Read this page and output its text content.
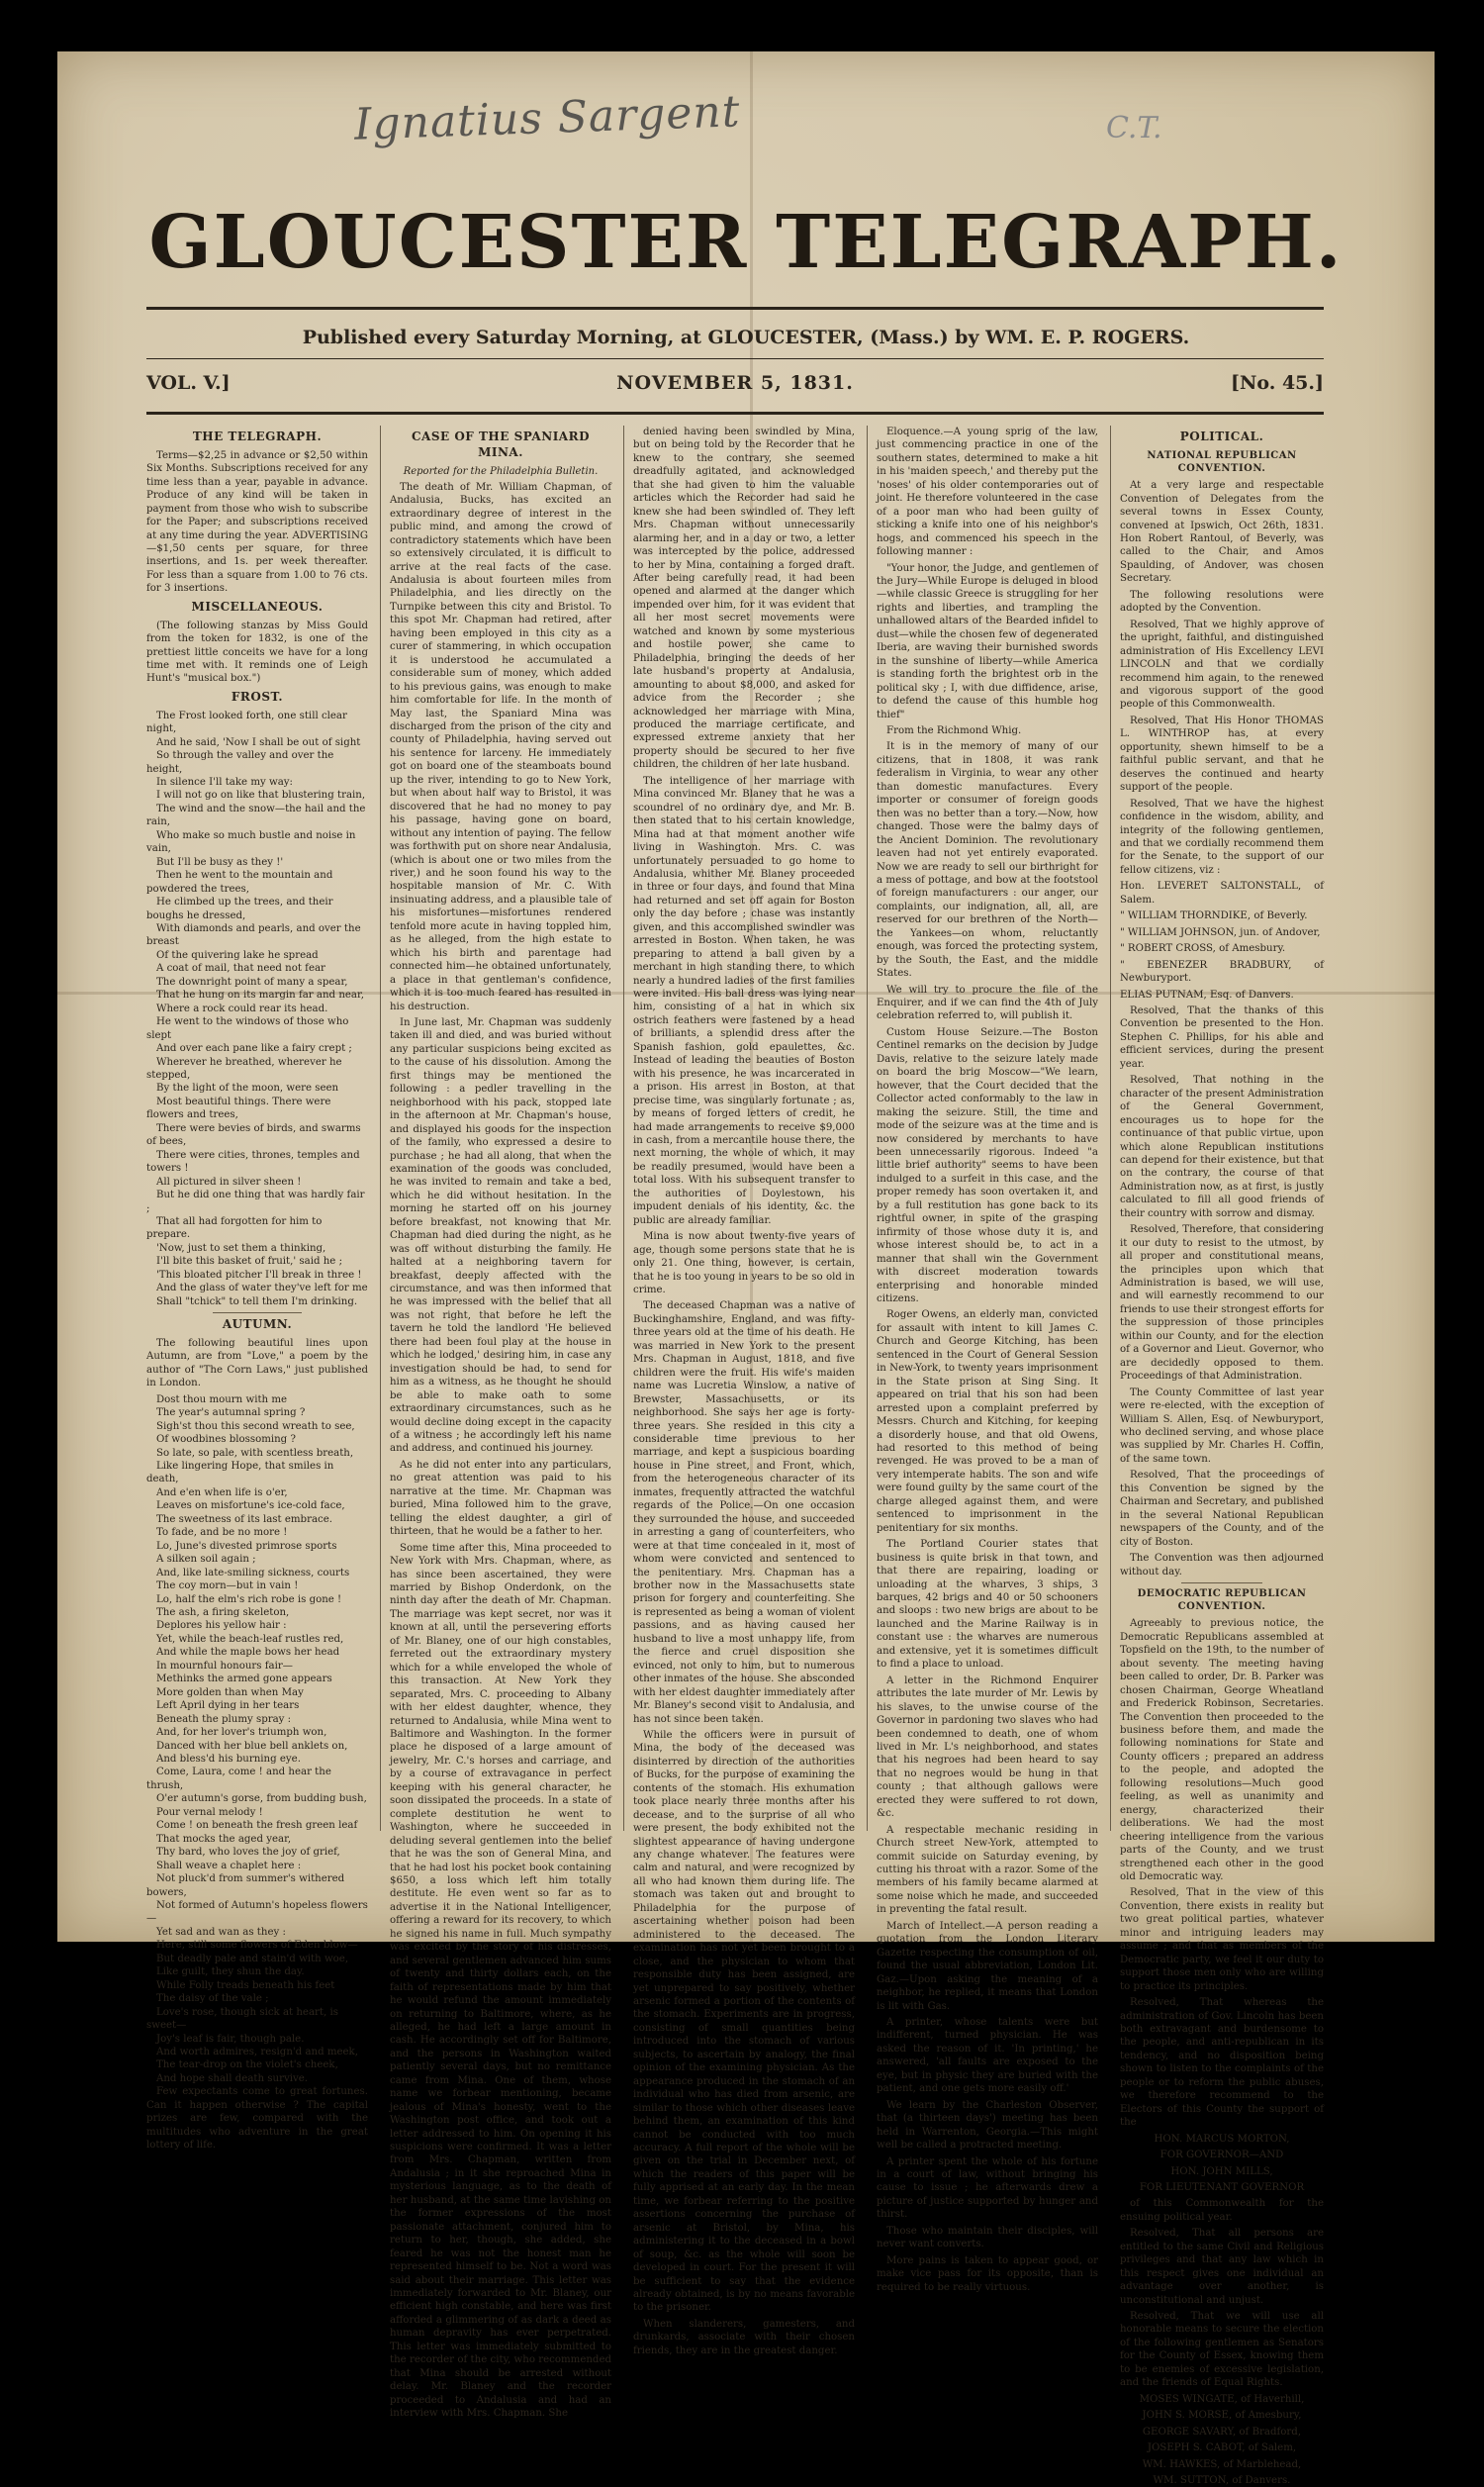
Ignatius Sargent	C.T.
GLOUCESTER TELEGRAPH.
Published every Saturday Morning, at GLOUCESTER, (Mass.) by WM. E. P. ROGERS.
VOL. V.]	NOVEMBER 5, 1831.	[No. 45.]
THE TELEGRAPH.

Terms—$2,25 in advance or $2,50 within Six Months. Subscriptions received for any time less than a year, payable in advance. Produce of any kind will be taken in payment from those who wish to subscribe for the Paper; and subscriptions received at any time during the year. ADVERTISING—$1,50 cents per square, for three insertions, and 1s. per week thereafter. For less than a square from 1.00 to 76 cts. for 3 insertions.

MISCELLANEOUS.

(The following stanzas by Miss Gould from the token for 1832, is one of the prettiest little conceits we have for a long time met with. It reminds one of Leigh Hunt's "musical box.")

FROST.

The Frost looked forth, one still clear night,

And he said, 'Now I shall be out of sight

So through the valley and over the height,

In silence I'll take my way:

I will not go on like that blustering train,

The wind and the snow—the hail and the rain,

Who make so much bustle and noise in vain,

But I'll be busy as they !'

Then he went to the mountain and powdered the trees,

He climbed up the trees, and their boughs he dressed,

With diamonds and pearls, and over the breast

Of the quivering lake he spread

A coat of mail, that need not fear

The downright point of many a spear,

That he hung on its margin far and near,

Where a rock could rear its head.

He went to the windows of those who slept

And over each pane like a fairy crept ;

Wherever he breathed, wherever he stepped,

By the light of the moon, were seen

Most beautiful things. There were flowers and trees,

There were bevies of birds, and swarms of bees,

There were cities, thrones, temples and towers !

All pictured in silver sheen !

But he did one thing that was hardly fair ;

That all had forgotten for him to prepare.

'Now, just to set them a thinking,

I'll bite this basket of fruit,' said he ;

'This bloated pitcher I'll break in three !

And the glass of water they've left for me

Shall "tchick" to tell them I'm drinking.

AUTUMN.

The following beautiful lines upon Autumn, are from "Love," a poem by the author of "The Corn Laws," just published in London.

Dost thou mourn with me

The year's autumnal spring ?

Sigh'st thou this second wreath to see,

Of woodbines blossoming ?

So late, so pale, with scentless breath,

Like lingering Hope, that smiles in death,

And e'en when life is o'er,

Leaves on misfortune's ice-cold face,

The sweetness of its last embrace.

To fade, and be no more !

Lo, June's divested primrose sports

A silken soil again ;

And, like late-smiling sickness, courts

The coy morn—but in vain !

Lo, half the elm's rich robe is gone !

The ash, a firing skeleton,

Deplores his yellow hair :

Yet, while the beach-leaf rustles red,

And while the maple bows her head

In mournful honours fair—

Methinks the armed gone appears

More golden than when May

Left April dying in her tears

Beneath the plumy spray :

And, for her lover's triumph won,

Danced with her blue bell anklets on,

And bless'd his burning eye.

Come, Laura, come ! and hear the thrush,

O'er autumn's gorse, from budding bush,

Pour vernal melody !

Come ! on beneath the fresh green leaf

That mocks the aged year,

Thy bard, who loves the joy of grief,

Shall weave a chaplet here :

Not pluck'd from summer's withered bowers,

Not formed of Autumn's hopeless flowers—

Yet sad and wan as they :

Here, still some flowers of Eden blow—

But deadly pale and stain'd with woe,

Like guilt, they shun the day.

While Folly treads beneath his feet

The daisy of the vale ;

Love's rose, though sick at heart, is sweet—

Joy's leaf is fair, though pale.

And worth admires, resign'd and meek,

The tear-drop on the violet's cheek,

And hope shall death survive.

Few expectants come to great fortunes. Can it happen otherwise ? The capital prizes are few, compared with the multitudes who adventure in the great lottery of life.

CASE OF THE SPANIARD MINA.
Reported for the Philadelphia Bulletin.

The death of Mr. William Chapman, of Andalusia, Bucks, has excited an extraordinary degree of interest in the public mind, and among the crowd of contradictory statements which have been so extensively circulated, it is difficult to arrive at the real facts of the case. Andalusia is about fourteen miles from Philadelphia, and lies directly on the Turnpike between this city and Bristol. To this spot Mr. Chapman had retired, after having been employed in this city as a curer of stammering, in which occupation it is understood he accumulated a considerable sum of money, which added to his previous gains, was enough to make him comfortable for life. In the month of May last, the Spaniard Mina was discharged from the prison of the city and county of Philadelphia, having served out his sentence for larceny. He immediately got on board one of the steamboats bound up the river, intending to go to New York, but when about half way to Bristol, it was discovered that he had no money to pay his passage, having gone on board, without any intention of paying. The fellow was forthwith put on shore near Andalusia, (which is about one or two miles from the river,) and he soon found his way to the hospitable mansion of Mr. C. With insinuating address, and a plausible tale of his misfortunes—misfortunes rendered tenfold more acute in having toppled him, as he alleged, from the high estate to which his birth and parentage had connected him—he obtained unfortunately, a place in that gentleman's confidence, which it is too much feared has resulted in his destruction.

In June last, Mr. Chapman was suddenly taken ill and died, and was buried without any particular suspicions being excited as to the cause of his dissolution. Among the first things may be mentioned the following : a pedler travelling in the neighborhood with his pack, stopped late in the afternoon at Mr. Chapman's house, and displayed his goods for the inspection of the family, who expressed a desire to purchase ; he had all along, that when the examination of the goods was concluded, he was invited to remain and take a bed, which he did without hesitation. In the morning he started off on his journey before breakfast, not knowing that Mr. Chapman had died during the night, as he was off without disturbing the family. He halted at a neighboring tavern for breakfast, deeply affected with the circumstance, and was then informed that he was impressed with the belief that all was not right, that before he left the tavern he told the landlord 'He believed there had been foul play at the house in which he lodged,' desiring him, in case any investigation should be had, to send for him as a witness, as he thought he should be able to make oath to some extraordinary circumstances, such as he would decline doing except in the capacity of a witness ; he accordingly left his name and address, and continued his journey.

As he did not enter into any particulars, no great attention was paid to his narrative at the time. Mr. Chapman was buried, Mina followed him to the grave, telling the eldest daughter, a girl of thirteen, that he would be a father to her.

Some time after this, Mina proceeded to New York with Mrs. Chapman, where, as has since been ascertained, they were married by Bishop Onderdonk, on the ninth day after the death of Mr. Chapman. The marriage was kept secret, nor was it known at all, until the persevering efforts of Mr. Blaney, one of our high constables, ferreted out the extraordinary mystery which for a while enveloped the whole of this transaction. At New York they separated, Mrs. C. proceeding to Albany with her eldest daughter, whence, they returned to Andalusia, while Mina went to Baltimore and Washington. In the former place he disposed of a large amount of jewelry, Mr. C.'s horses and carriage, and by a course of extravagance in perfect keeping with his general character, he soon dissipated the proceeds. In a state of complete destitution he went to Washington, where he succeeded in deluding several gentlemen into the belief that he was the son of General Mina, and that he had lost his pocket book containing $650, a loss which left him totally destitute. He even went so far as to advertise it in the National Intelligencer, offering a reward for its recovery, to which he signed his name in full. Much sympathy was excited by the story of his distresses, and several gentlemen advanced him sums of twenty and thirty dollars each, on the faith of representations made by him that he would refund the amount immediately on returning to Baltimore, where, as he alleged, he had left a large amount in cash. He accordingly set off for Baltimore, and the persons in Washington waited patiently several days, but no remittance came from Mina. One of them, whose name we forbear mentioning, became jealous of Mina's honesty, went to the Washington post office, and took out a letter addressed to him. On opening it his suspicions were confirmed. It was a letter from Mrs. Chapman, written from Andalusia ; in it she reproached Mina in mysterious language, as to the death of her husband, at the same time lavishing on the former expressions of the most passionate attachment, conjured him to return to her, though, she added, she feared he was not the honest man he represented himself to be. Not a word was said about their marriage. This letter was immediately forwarded to Mr. Blaney, our efficient high constable, and here was first afforded a glimmering of as dark a deed as human depravity has ever perpetrated. This letter was immediately submitted to the recorder of the city, who recommended that Mina should be arrested without delay. Mr. Blaney and the recorder proceeded to Andalusia and had an interview with Mrs. Chapman. She

denied having been swindled by Mina, but on being told by the Recorder that he knew to the contrary, she seemed dreadfully agitated, and acknowledged that she had given to him the valuable articles which the Recorder had said he knew she had been swindled of. They left Mrs. Chapman without unnecessarily alarming her, and in a day or two, a letter was intercepted by the police, addressed to her by Mina, containing a forged draft. After being carefully read, it had been opened and alarmed at the danger which impended over him, for it was evident that all her most secret movements were watched and known by some mysterious and hostile power, she came to Philadelphia, bringing the deeds of her late husband's property at Andalusia, amounting to about $8,000, and asked for advice from the Recorder ; she acknowledged her marriage with Mina, produced the marriage certificate, and expressed extreme anxiety that her property should be secured to her five children, the children of her late husband.

The intelligence of her marriage with Mina convinced Mr. Blaney that he was a scoundrel of no ordinary dye, and Mr. B. then stated that to his certain knowledge, Mina had at that moment another wife living in Washington. Mrs. C. was unfortunately persuaded to go home to Andalusia, whither Mr. Blaney proceeded in three or four days, and found that Mina had returned and set off again for Boston only the day before ; chase was instantly given, and this accomplished swindler was arrested in Boston. When taken, he was preparing to attend a ball given by a merchant in high standing there, to which nearly a hundred ladies of the first families were invited. His ball dress was lying near him, consisting of a hat in which six ostrich feathers were fastened by a head of brilliants, a splendid dress after the Spanish fashion, gold epaulettes, &c. Instead of leading the beauties of Boston with his presence, he was incarcerated in a prison. His arrest in Boston, at that precise time, was singularly fortunate ; as, by means of forged letters of credit, he had made arrangements to receive $9,000 in cash, from a mercantile house there, the next morning, the whole of which, it may be readily presumed, would have been a total loss. With his subsequent transfer to the authorities of Doylestown, his impudent denials of his identity, &c. the public are already familiar.

Mina is now about twenty-five years of age, though some persons state that he is only 21. One thing, however, is certain, that he is too young in years to be so old in crime.

The deceased Chapman was a native of Buckinghamshire, England, and was fifty-three years old at the time of his death. He was married in New York to the present Mrs. Chapman in August, 1818, and five children were the fruit. His wife's maiden name was Lucretia Winslow, a native of Brewster, Massachusetts, or its neighborhood. She says her age is forty-three years. She resided in this city a considerable time previous to her marriage, and kept a suspicious boarding house in Pine street, and Front, which, from the heterogeneous character of its inmates, frequently attracted the watchful regards of the Police.—On one occasion they surrounded the house, and succeeded in arresting a gang of counterfeiters, who were at that time concealed in it, most of whom were convicted and sentenced to the penitentiary. Mrs. Chapman has a brother now in the Massachusetts state prison for forgery and counterfeiting. She is represented as being a woman of violent passions, and as having caused her husband to live a most unhappy life, from the fierce and cruel disposition she evinced, not only to him, but to numerous other inmates of the house. She absconded with her eldest daughter immediately after Mr. Blaney's second visit to Andalusia, and has not since been taken.

While the officers were in pursuit of Mina, the body of the deceased was disinterred by direction of the authorities of Bucks, for the purpose of examining the contents of the stomach. His exhumation took place nearly three months after his decease, and to the surprise of all who were present, the body exhibited not the slightest appearance of having undergone any change whatever. The features were calm and natural, and were recognized by all who had known them during life. The stomach was taken out and brought to Philadelphia for the purpose of ascertaining whether poison had been administered to the deceased. The examination has not yet been brought to a close, and the physician to whom that responsible duty has been assigned, are yet unprepared to say positively, whether arsenic formed a portion of the contents of the stomach. Experiments are in progress, consisting of small quantities being introduced into the stomach of various subjects, to ascertain by analogy, the final opinion of the examining physician. As the appearance produced in the stomach of an individual who has died from arsenic, are similar to those which other diseases leave behind them, an examination of this kind cannot be conducted with too much accuracy. A full report of the whole will be given on the trial in December next, of which the readers of this paper will be fully apprised at an early day. In the mean time, we forbear referring to the positive assertions concerning the purchase of arsenic at Bristol, by Mina, his administering it to the deceased in a bowl of soup, &c. as the whole will soon be developed in court. For the present it will be sufficient to say that the evidence already obtained, is by no means favorable to the prisoner.

When slanderers, gamesters, and drunkards, associate with their chosen friends, they are in the greatest danger.

Eloquence.—A young sprig of the law, just commencing practice in one of the southern states, determined to make a hit in his 'maiden speech,' and thereby put the 'noses' of his older contemporaries out of joint. He therefore volunteered in the case of a poor man who had been guilty of sticking a knife into one of his neighbor's hogs, and commenced his speech in the following manner :

"Your honor, the Judge, and gentlemen of the Jury—While Europe is deluged in blood—while classic Greece is struggling for her rights and liberties, and trampling the unhallowed altars of the Bearded infidel to dust—while the chosen few of degenerated Iberia, are waving their burnished swords in the sunshine of liberty—while America is standing forth the brightest orb in the political sky ; I, with due diffidence, arise, to defend the cause of this humble hog thief"

From the Richmond Whig.

It is in the memory of many of our citizens, that in 1808, it was rank federalism in Virginia, to wear any other than domestic manufactures. Every importer or consumer of foreign goods then was no better than a tory.—Now, how changed. Those were the balmy days of the Ancient Dominion. The revolutionary leaven had not yet entirely evaporated. Now we are ready to sell our birthright for a mess of pottage, and bow at the footstool of foreign manufacturers : our anger, our complaints, our indignation, all, all, are reserved for our brethren of the North—the Yankees—on whom, reluctantly enough, was forced the protecting system, by the South, the East, and the middle States.

We will try to procure the file of the Enquirer, and if we can find the 4th of July celebration referred to, will publish it.

Custom House Seizure.—The Boston Centinel remarks on the decision by Judge Davis, relative to the seizure lately made on board the brig Moscow—"We learn, however, that the Court decided that the Collector acted conformably to the law in making the seizure. Still, the time and mode of the seizure was at the time and is now considered by merchants to have been unnecessarily rigorous. Indeed "a little brief authority" seems to have been indulged to a surfeit in this case, and the proper remedy has soon overtaken it, and by a full restitution has gone back to its rightful owner, in spite of the grasping infirmity of those whose duty it is, and whose interest should be, to act in a manner that shall win the Government with discreet moderation towards enterprising and honorable minded citizens.

Roger Owens, an elderly man, convicted for assault with intent to kill James C. Church and George Kitching, has been sentenced in the Court of General Session in New-York, to twenty years imprisonment in the State prison at Sing Sing. It appeared on trial that his son had been arrested upon a complaint preferred by Messrs. Church and Kitching, for keeping a disorderly house, and that old Owens, had resorted to this method of being revenged. He was proved to be a man of very intemperate habits. The son and wife were found guilty by the same court of the charge alleged against them, and were sentenced to imprisonment in the penitentiary for six months.

The Portland Courier states that business is quite brisk in that town, and that there are repairing, loading or unloading at the wharves, 3 ships, 3 barques, 42 brigs and 40 or 50 schooners and sloops : two new brigs are about to be launched and the Marine Railway is in constant use : the wharves are numerous and extensive, yet it is sometimes difficult to find a place to unload.

A letter in the Richmond Enquirer attributes the late murder of Mr. Lewis by his slaves, to the unwise course of the Governor in pardoning two slaves who had been condemned to death, one of whom lived in Mr. L's neighborhood, and states that his negroes had been heard to say that no negroes would be hung in that county ; that although gallows were erected they were suffered to rot down, &c.

A respectable mechanic residing in Church street New-York, attempted to commit suicide on Saturday evening, by cutting his throat with a razor. Some of the members of his family became alarmed at some noise which he made, and succeeded in preventing the fatal result.

March of Intellect.—A person reading a quotation from the London Literary Gazette respecting the consumption of oil, found the usual abbreviation, London Lit. Gaz.—Upon asking the meaning of a neighbor, he replied, it means that London is lit with Gas.

A printer, whose talents were but indifferent, turned physician. He was asked the reason of it. 'In printing,' he answered, 'all faults are exposed to the eye, but in physic they are buried with the patient, and one gets more easily off.'

We learn by the Charleston Observer, that (a thirteen days') meeting has been held in Warrenton, Georgia.—This might well be called a protracted meeting.

A printer spent the whole of his fortune in a court of law, without bringing his cause to issue ; he afterwards drew a picture of justice supported by hunger and thirst.

Those who maintain their disciples, will never want converts.

More pains is taken to appear good, or make vice pass for its opposite, than is required to be really virtuous.

POLITICAL.
NATIONAL REPUBLICAN CONVENTION.

At a very large and respectable Convention of Delegates from the several towns in Essex County, convened at Ipswich, Oct 26th, 1831. Hon Robert Rantoul, of Beverly, was called to the Chair, and Amos Spaulding, of Andover, was chosen Secretary.

The following resolutions were adopted by the Convention.

Resolved, That we highly approve of the upright, faithful, and distinguished administration of His Excellency LEVI LINCOLN and that we cordially recommend him again, to the renewed and vigorous support of the good people of this Commonwealth.

Resolved, That His Honor THOMAS L. WINTHROP has, at every opportunity, shewn himself to be a faithful public servant, and that he deserves the continued and hearty support of the people.

Resolved, That we have the highest confidence in the wisdom, ability, and integrity of the following gentlemen, and that we cordially recommend them for the Senate, to the support of our fellow citizens, viz :

Hon. LEVERET SALTONSTALL, of Salem.

" WILLIAM THORNDIKE, of Beverly.

" WILLIAM JOHNSON, jun. of Andover,

" ROBERT CROSS, of Amesbury.

" EBENEZER BRADBURY, of Newburyport.

ELIAS PUTNAM, Esq. of Danvers.

Resolved, That the thanks of this Convention be presented to the Hon. Stephen C. Phillips, for his able and efficient services, during the present year.

Resolved, That nothing in the character of the present Administration of the General Government, encourages us to hope for the continuance of that public virtue, upon which alone Republican institutions can depend for their existence, but that on the contrary, the course of that Administration now, as at first, is justly calculated to fill all good friends of their country with sorrow and dismay.

Resolved, Therefore, that considering it our duty to resist to the utmost, by all proper and constitutional means, the principles upon which that Administration is based, we will use, and will earnestly recommend to our friends to use their strongest efforts for the suppression of those principles within our County, and for the election of a Governor and Lieut. Governor, who are decidedly opposed to them. Proceedings of that Administration.

The County Committee of last year were re-elected, with the exception of William S. Allen, Esq. of Newburyport, who declined serving, and whose place was supplied by Mr. Charles H. Coffin, of the same town.

Resolved, That the proceedings of this Convention be signed by the Chairman and Secretary, and published in the several National Republican newspapers of the County, and of the city of Boston.

The Convention was then adjourned without day.

DEMOCRATIC REPUBLICAN CONVENTION.

Agreeably to previous notice, the Democratic Republicans assembled at Topsfield on the 19th, to the number of about seventy. The meeting having been called to order, Dr. B. Parker was chosen Chairman, George Wheatland and Frederick Robinson, Secretaries. The Convention then proceeded to the business before them, and made the following nominations for State and County officers ; prepared an address to the people, and adopted the following resolutions—Much good feeling, as well as unanimity and energy, characterized their deliberations. We had the most cheering intelligence from the various parts of the County, and we trust strengthened each other in the good old Democratic way.

Resolved, That in the view of this Convention, there exists in reality but two great political parties, whatever minor and intriguing leaders may assume ; and that as members of the Democratic party, we feel it our duty to support those men only who are willing to practice its principles.

Resolved, That whereas the administration of Gov. Lincoln has been both extravagant and burdensome to the people, and anti-republican in its tendency, and no disposition being shown to listen to the complaints of the people or to reform the public abuses, we therefore recommend to the Electors of this County the support of the

HON. MARCUS MORTON,

FOR GOVERNOR—AND

HON. JOHN MILLS,

FOR LIEUTENANT GOVERNOR

of this Commonwealth for the ensuing political year.

Resolved, That all persons are entitled to the same Civil and Religious privileges and that any law which in this respect gives one individual an advantage over another, is unconstitutional and unjust.

Resolved, That we will use all honorable means to secure the election of the following gentlemen as Senators for the County of Essex, knowing them to be enemies of excessive legislation, and the friends of Equal Rights.

MOSES WINGATE, of Haverhill,

JOHN S. MORSE, of Amesbury,

GEORGE SAVARY, of Bradford,

JOSEPH S. CABOT, of Salem,

WM. HAWKES, of Marblehead,

WM. SUTTON, of Danvers.
